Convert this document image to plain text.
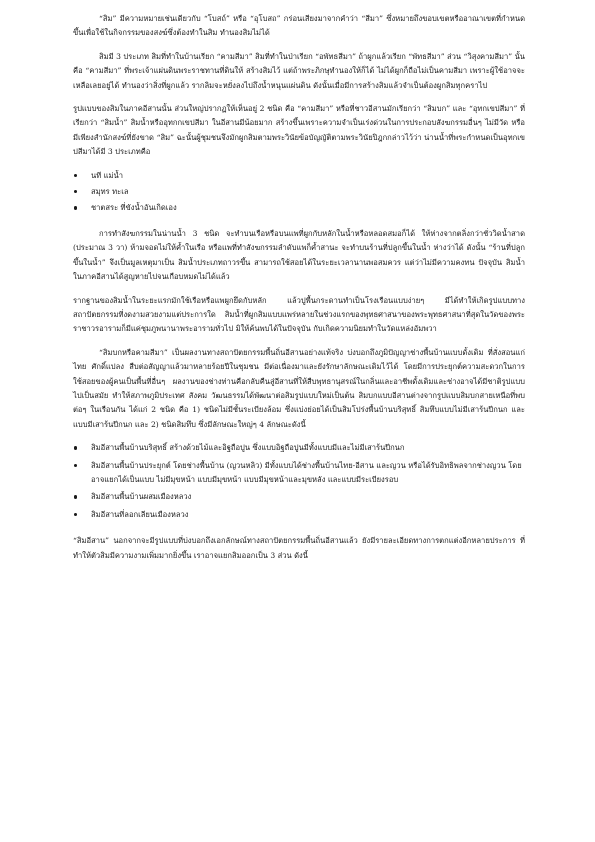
“สิม” มีความหมายเช่นเดียวกับ “โบสถ์” หรือ “อุโบสถ” กร่อนเสียงมาจากคำว่า “สีมา” ซึ่งหมายถึงขอบเขตหรืออาณาเขตที่กำหนดขึ้นเพื่อใช้ในกิจกรรมของสงฆ์ซึ่งต้องทำในสิม ทำนองสิมไม่ได้

สิมมี 3 ประเภท สิมที่ทำในบ้านเรียก “คามสีมา” สิมที่ทำในป่าเรียก “อพัทธสีมา” ถ้าผูกแล้วเรียก “พัทธสีมา” ส่วน “วิสุงคามสีมา” นั้นคือ “คามสีมา” ที่พระเจ้าแผ่นดินพระราชทานที่ดินให้ สร้างสิมไว้ แต่ถ้าพระภิกษุทำนองให้ก็ได้ ไม่ได้ผูกก็ถือไม่เป็นคามสีมา เพราะผู้ใช้อาจจะเหลือเลยอยู่ได้ ทำนองว่าสิ่งที่ผูกแล้ว รากลิมจะหยั่งลงไปถึงน้ำหนุนแผ่นดิน ดังนั้นเมื่อมีการสร้างสิมแล้วจำเป็นต้องผูกสิมทุกคราไป

รูปแบบของสิมในภาคอีสานนั้น ส่วนใหญ่ปรากฏให้เห็นอยู่ 2 ชนิด คือ “คามสีมา” หรือที่ชาวอีสานมักเรียกว่า “สิมบก” และ “อุทกเขปสีมา” ที่เรียกว่า “สิมน้ำ” สิมน้ำหรืออุทกกเขปสีมา ในอีสานมีน้อยมาก สร้างขึ้นเพราะความจำเป็นเร่งด่วนในการประกอบสังฆกรรมอื่นๆ ไม่มีวัด หรือมีเพียงสำนักสงฆ์ที่ยังขาด “สิม” ฉะนั้นผู้ชุมชนจึงมักผูกสิมตามพระวินัยข้อบัญญัติตามพระวินัยปิฎกกล่าวไว้ว่า น่านน้ำที่พระกำหนดเป็นอุทกเขปสีมาได้มี 3 ประเภทคือ

นที แม่น้ำ
สมุทร ทะเล
ชาตสระ ที่ขังน้ำอันเกิดเอง

การทำสังฆกรรมในน่านน้ำ 3 ชนิด จะทำบนเรือหรือบนแพที่ผูกกับหลักในน้ำหรือหลอดสมอก็ได้ ให้ห่างจากตลิ่งกว่าชั่ววิดน้ำสาด (ประมาณ 3 วา) ห้ามจอดไม่ให้ค้ำในเรือ หรือแพที่ทำสังฆกรรมลำดับแพก็ค้ำสานะ จะทำบนร้านที่ปลูกขึ้นในน้ำ ห่างว่าได้ ดังนั้น “ร้านที่ปลูกขึ้นในน้ำ” จึงเป็นมูลเหตุมาเป็น สิมน้ำประเภทถาวรขึ้น สามารถใช้สอยได้ในระยะเวลานานพอสมควร แต่ว่าไม่มีความคงทน ปัจจุบัน สิมน้ำ ในภาคอีสานได้สูญหายไปจนเกือบหมดไม่ได้แล้ว

รากฐานของสิมน้ำในระยะแรกมักใช้เรือหรือแพผูกยึดกับหลัก แล้วปูพื้นกระดานทำเป็นโรงเรือนแบบง่ายๆ มีได้ทำให้เกิดรูปแบบทางสถาปัตยกรรมที่งดงามสวยงามแต่ประการใด สิมน้ำที่ผูกสิมแบบแพร่หลายในช่วงแรกของพุทธศาสนาของพระพุทธศาสนาที่สุดในวัดของพระราชาวรอารามก็มีแค่ชุมภูพนานาพระอารามทั่วไป มิให้ค้นพบได้ในปัจจุบัน กับเกิดความนิยมทำในวัดแหล่งอัมพวา

“สิมบกหรือคามสีมา” เป็นผลงานทางสถาปัตยกรรมพื้นถิ่นอีสานอย่างแท้จริง บ่งบอกถึงภูมิปัญญาช่างพื้นบ้านแบบดั้งเดิม ที่สั่งสอนแก่ไทย ศักดิ์แปลง สืบต่อสัญญาแล้วมาหลายร้อยปีในชุมชน มีต่อเนื่องมาและยังรักษาลักษณะเดิมไว้ได้ โดยมีการประยุกต์ความสะดวกในการใช้สอยของผู้คนเป็นพื้นที่อื่นๆ ผลงานของช่างท่านคือกลับคืนสู่อีสานที่ให้สืบพุทธานุสรณ์ในกลิ่นและอาชีพดั้งเดิมและช่างอาจได้มีชาติรูปแบบไปเป็นสมัย ทำให้สภาพภูมิประเทศ สังคม วัฒนธรรมได้พัฒนาต่อสิมรูปแบบใหม่เป็นต้น สิมบกแบบอีสานต่างจากรูปแบบสิมบกสายเหนือที่พบต่อๆ ในเรือนกัน ได้แก่ 2 ชนิด คือ 1) ชนิดไม่มีชั้นระเบียงล้อม ซึ่งแบ่งย่อยได้เป็นสิมโปร่งพื้นบ้านบริสุทธิ์ สิมทึบแบบไม่มีเสาร้นปีกนก และแบบมีเสาร้นปีกนก และ 2) ชนิดสิมทึบ ซึ่งมีลักษณะใหญ่ๆ 4 ลักษณะดังนี้

สิมอีสานพื้นบ้านบริสุทธิ์ สร้างด้วยไม้และอิฐถือปูน ซึ่งแบบอิฐถือปูนมีทั้งแบบมีและไม่มีเสาร้นปีกนก
สิมอีสานพื้นบ้านประยุกต์ โดยช่างพื้นบ้าน (ญวนหลิว) มีทั้งแบบได้ช่างพื้นบ้านไทย-อีสาน และญวน หรือได้รับอิทธิพลจากช่างญวน โดยอาจแยกได้เป็นแบบ ไม่มีมุขหน้า แบบมีมุขหน้า แบบมีมุขหน้าและมุขหลัง และแบบมีระเบียงรอบ
สิมอีสานพื้นบ้านผสมเมืองหลวง
สิมอีสานที่ลอกเลียนเมืองหลวง

“สิมอีสาน” นอกจากจะมีรูปแบบที่บ่งบอกถึงเอกลักษณ์ทางสถาปัตยกรรมพื้นถิ่นอีสานแล้ว ยังมีรายละเอียดทางการตกแต่งอีกหลายประการ ที่ทำให้ตัวสิมมีความงามเพิ่มมากยิ่งขึ้น เราอาจแยกสิมออกเป็น 3 ส่วน ดังนี้
